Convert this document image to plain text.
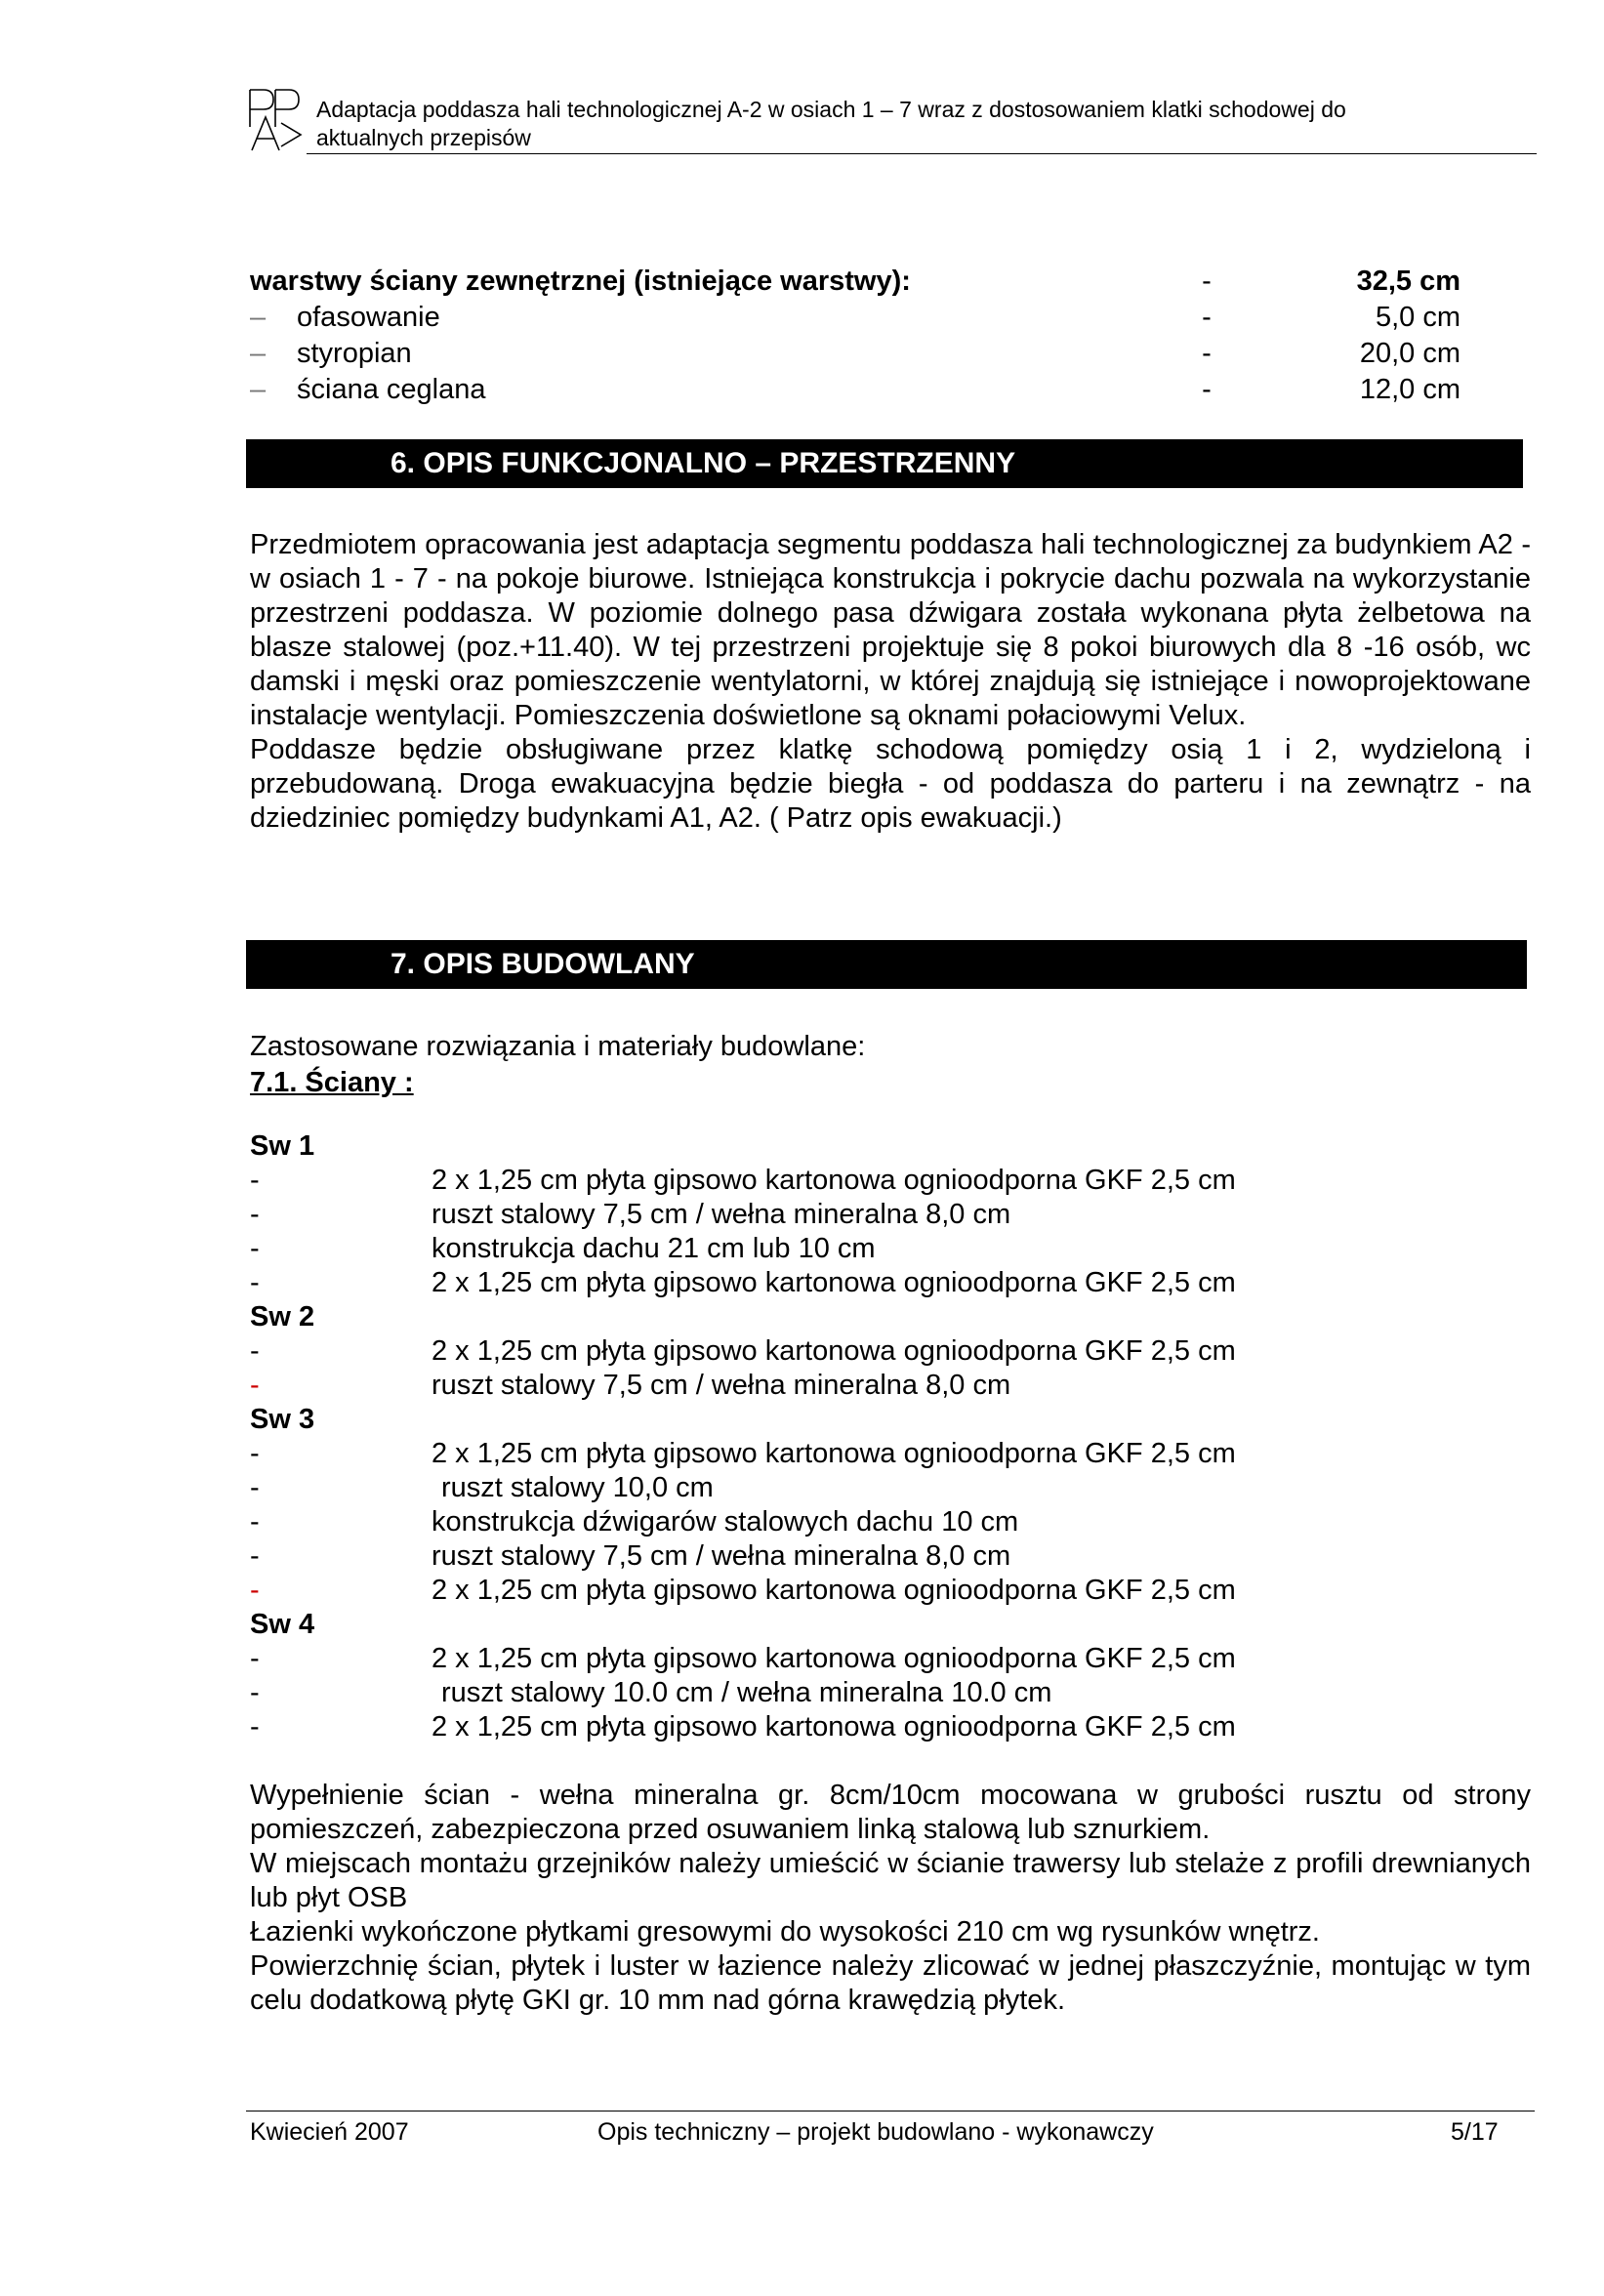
Adaptacja poddasza hali technologicznej A-2 w osiach 1 – 7 wraz z dostosowaniem klatki schodowej do
aktualnych przepisów
warstwy ściany zewnętrznej (istniejące warstwy):	-	32,5 cm
– ofasowanie	-	5,0 cm
– styropian	-	20,0 cm
– ściana ceglana	-	12,0 cm
6. OPIS FUNKCJONALNO – PRZESTRZENNY

Przedmiotem opracowania jest adaptacja segmentu poddasza hali technologicznej za budynkiem A2 - w osiach 1 - 7 - na pokoje biurowe. Istniejąca konstrukcja i pokrycie dachu pozwala na wykorzystanie przestrzeni poddasza. W poziomie dolnego pasa dźwigara została wykonana płyta żelbetowa na blasze stalowej (poz.+11.40). W tej przestrzeni projektuje się 8 pokoi biurowych dla 8 -16 osób, wc damski i męski oraz pomieszczenie wentylatorni, w której znajdują się istniejące i nowoprojektowane instalacje wentylacji. Pomieszczenia doświetlone są oknami połaciowymi Velux.

Poddasze będzie obsługiwane przez klatkę schodową pomiędzy osią 1 i 2, wydzieloną i przebudowaną. Droga ewakuacyjna będzie biegła - od poddasza do parteru i na zewnątrz - na dziedziniec pomiędzy budynkami A1, A2. ( Patrz opis ewakuacji.)

7. OPIS BUDOWLANY
Zastosowane rozwiązania i materiały budowlane:
7.1. Ściany :
Sw 1
-	2 x 1,25 cm płyta gipsowo kartonowa ognioodporna GKF 2,5 cm
-	ruszt stalowy 7,5 cm / wełna mineralna 8,0 cm
-	konstrukcja dachu 21 cm lub 10 cm
-	2 x 1,25 cm płyta gipsowo kartonowa ognioodporna GKF 2,5 cm
Sw 2
-	2 x 1,25 cm płyta gipsowo kartonowa ognioodporna GKF 2,5 cm
-	ruszt stalowy 7,5 cm / wełna mineralna 8,0 cm
Sw 3
-	2 x 1,25 cm płyta gipsowo kartonowa ognioodporna GKF 2,5 cm
-	ruszt stalowy 10,0 cm
-	konstrukcja dźwigarów stalowych dachu 10 cm
-	ruszt stalowy 7,5 cm / wełna mineralna 8,0 cm
-	2 x 1,25 cm płyta gipsowo kartonowa ognioodporna GKF 2,5 cm
Sw 4
-	2 x 1,25 cm płyta gipsowo kartonowa ognioodporna GKF 2,5 cm
-	ruszt stalowy 10.0 cm / wełna mineralna 10.0 cm
-	2 x 1,25 cm płyta gipsowo kartonowa ognioodporna GKF 2,5 cm

Wypełnienie ścian - wełna mineralna gr. 8cm/10cm mocowana w grubości rusztu od strony pomieszczeń, zabezpieczona przed osuwaniem linką stalową lub sznurkiem.

W miejscach montażu grzejników należy umieścić w ścianie trawersy lub stelaże z profili drewnianych lub płyt OSB

Łazienki wykończone płytkami gresowymi do wysokości 210 cm wg rysunków wnętrz.

Powierzchnię ścian, płytek i luster w łazience należy zlicować w jednej płaszczyźnie, montując w tym celu dodatkową płytę GKI gr. 10 mm nad górna krawędzią płytek.

Kwiecień 2007	Opis techniczny – projekt budowlano - wykonawczy	5/17
